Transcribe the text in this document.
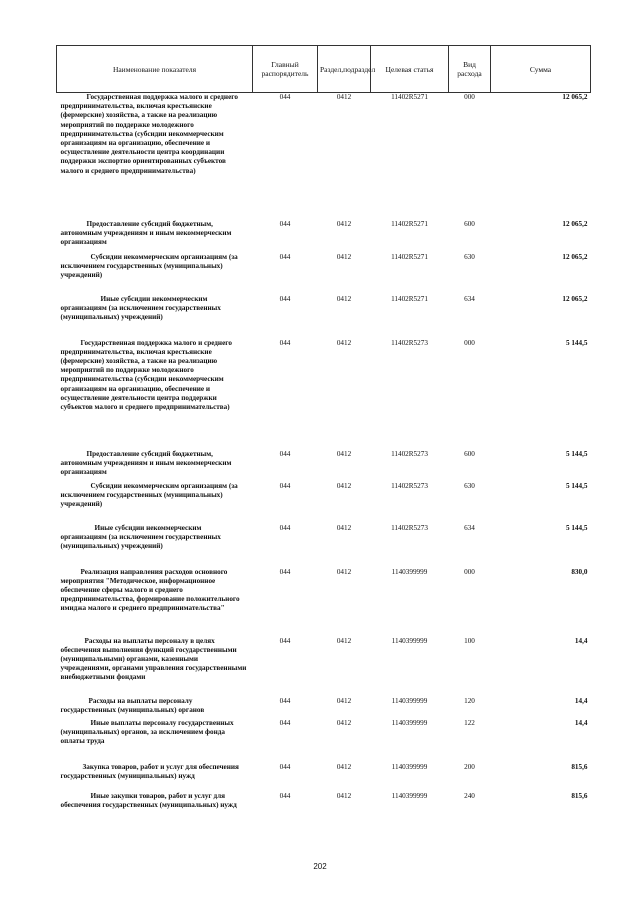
Наименование показателя	Главный распорядитель	Раздел,подраздел	Целевая статья	Вид расхода	Сумма
Государственная поддержка малого и среднего предпринимательства, включая крестьянские (фермерские) хозяйства, а также на реализацию мероприятий по поддержке молодежного предпринимательства (субсидии некоммерческим организациям на организацию, обеспечение и осуществление деятельности центра координации поддержки экспортно ориентированных субъектов малого и среднего предпринимательства)	044	0412	11402R5271	000	12 065,2
Предоставление субсидий бюджетным, автономным учреждениям и иным некоммерческим организациям	044	0412	11402R5271	600	12 065,2
Субсидии некоммерческим организациям (за исключением государственных (муниципальных) учреждений)	044	0412	11402R5271	630	12 065,2
Иные субсидии некоммерческим организациям (за исключением государственных (муниципальных) учреждений)	044	0412	11402R5271	634	12 065,2
Государственная поддержка малого и среднего предпринимательства, включая крестьянские (фермерские) хозяйства, а также на реализацию мероприятий по поддержке молодежного предпринимательства (субсидии некоммерческим организациям на организацию, обеспечение и осуществление деятельности центра поддержки субъектов малого и среднего предпринимательства)	044	0412	11402R5273	000	5 144,5
Предоставление субсидий бюджетным, автономным учреждениям и иным некоммерческим организациям	044	0412	11402R5273	600	5 144,5
Субсидии некоммерческим организациям (за исключением государственных (муниципальных) учреждений)	044	0412	11402R5273	630	5 144,5
Иные субсидии некоммерческим организациям (за исключением государственных (муниципальных) учреждений)	044	0412	11402R5273	634	5 144,5
Реализация направления расходов основного мероприятия "Методическое, информационное обеспечение сферы малого и среднего предпринимательства, формирование положительного имиджа малого и среднего предпринимательства"	044	0412	1140399999	000	830,0
Расходы на выплаты персоналу в целях обеспечения выполнения функций государственными (муниципальными) органами, казенными учреждениями, органами управления государственными внебюджетными фондами	044	0412	1140399999	100	14,4
Расходы на выплаты персоналу государственных (муниципальных) органов	044	0412	1140399999	120	14,4
Иные выплаты персоналу государственных (муниципальных) органов, за исключением фонда оплаты труда	044	0412	1140399999	122	14,4
Закупка товаров, работ и услуг для обеспечения государственных (муниципальных) нужд	044	0412	1140399999	200	815,6
Иные закупки товаров, работ и услуг для обеспечения государственных (муниципальных) нужд	044	0412	1140399999	240	815,6
202
